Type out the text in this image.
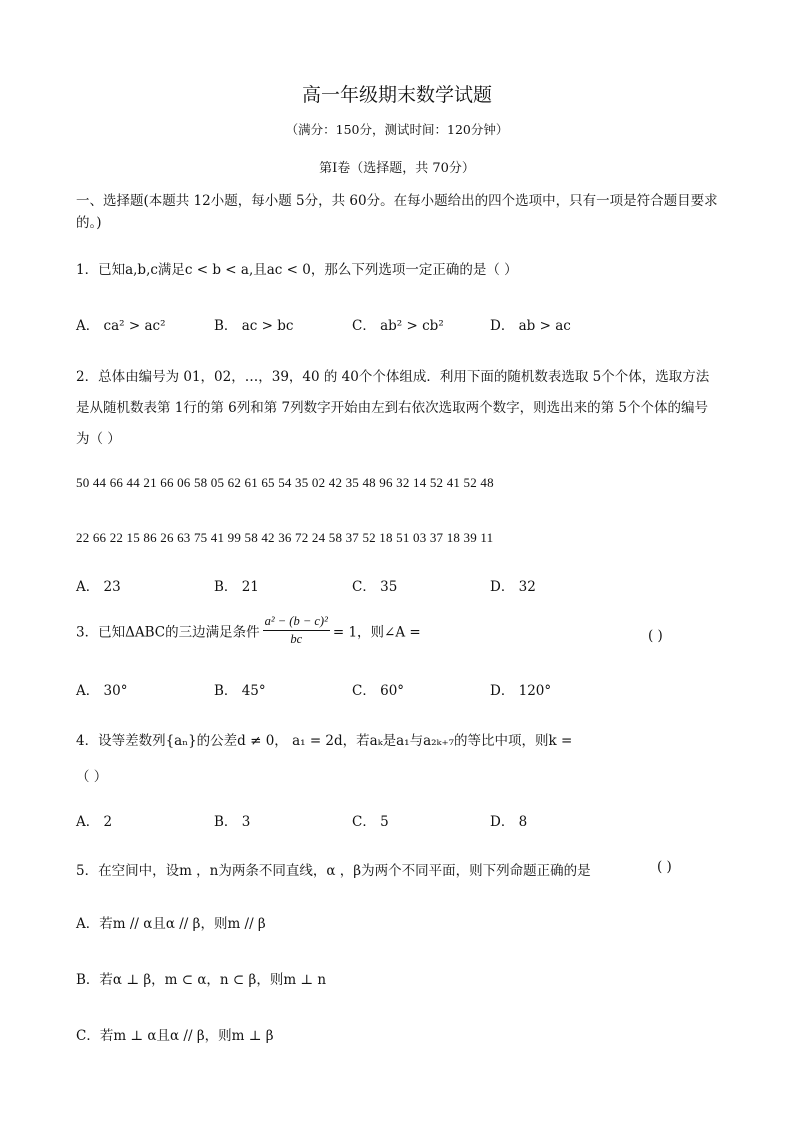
高一年级期末数学试题
（满分：150分，测试时间：120分钟）
第Ⅰ卷（选择题，共 70分）
一、选择题(本题共 12小题，每小题 5分，共 60分。在每小题给出的四个选项中，只有一项是符合题目要求的。)
1．已知a,b,c满足c < b < a,且ac < 0，那么下列选项一定正确的是（ ）
A． ca² > ac²	B． ac > bc	C． ab² > cb²	D． ab > ac
2．总体由编号为 01，02，…，39，40 的 40个个体组成．利用下面的随机数表选取 5个个体，选取方法是从随机数表第 1行的第 6列和第 7列数字开始由左到右依次选取两个数字，则选出来的第 5个个体的编号为（ ）
50 44 66 44 21 66 06 58 05 62 61 65 54 35 02 42 35 48 96 32 14 52 41 52 48
22 66 22 15 86 26 63 75 41 99 58 42 36 72 24 58 37 52 18 51 03 37 18 39 11
A． 23	B． 21	C． 35	D． 32
3．已知ΔABC的三边满足条件 $\frac{\text{a² − (b − c)²}}{bc} = 1$，则∠A =	( )
A． 30°	B． 45°	C． 60°	D． 120°
4．设等差数列{aₙ}的公差d ≠ 0， a₁ = 2d，若aₖ是a₁与a₂ₖ₊₇的等比中项，则k =
（ ）
A． 2	B． 3	C． 5	D． 8
5．在空间中，设m ，n为两条不同直线，α ，β为两个不同平面，则下列命题正确的是	( )
A．若m // α且α // β，则m // β
B．若α ⊥ β，m ⊂ α，n ⊂ β，则m ⊥ n
C．若m ⊥ α且α // β，则m ⊥ β
